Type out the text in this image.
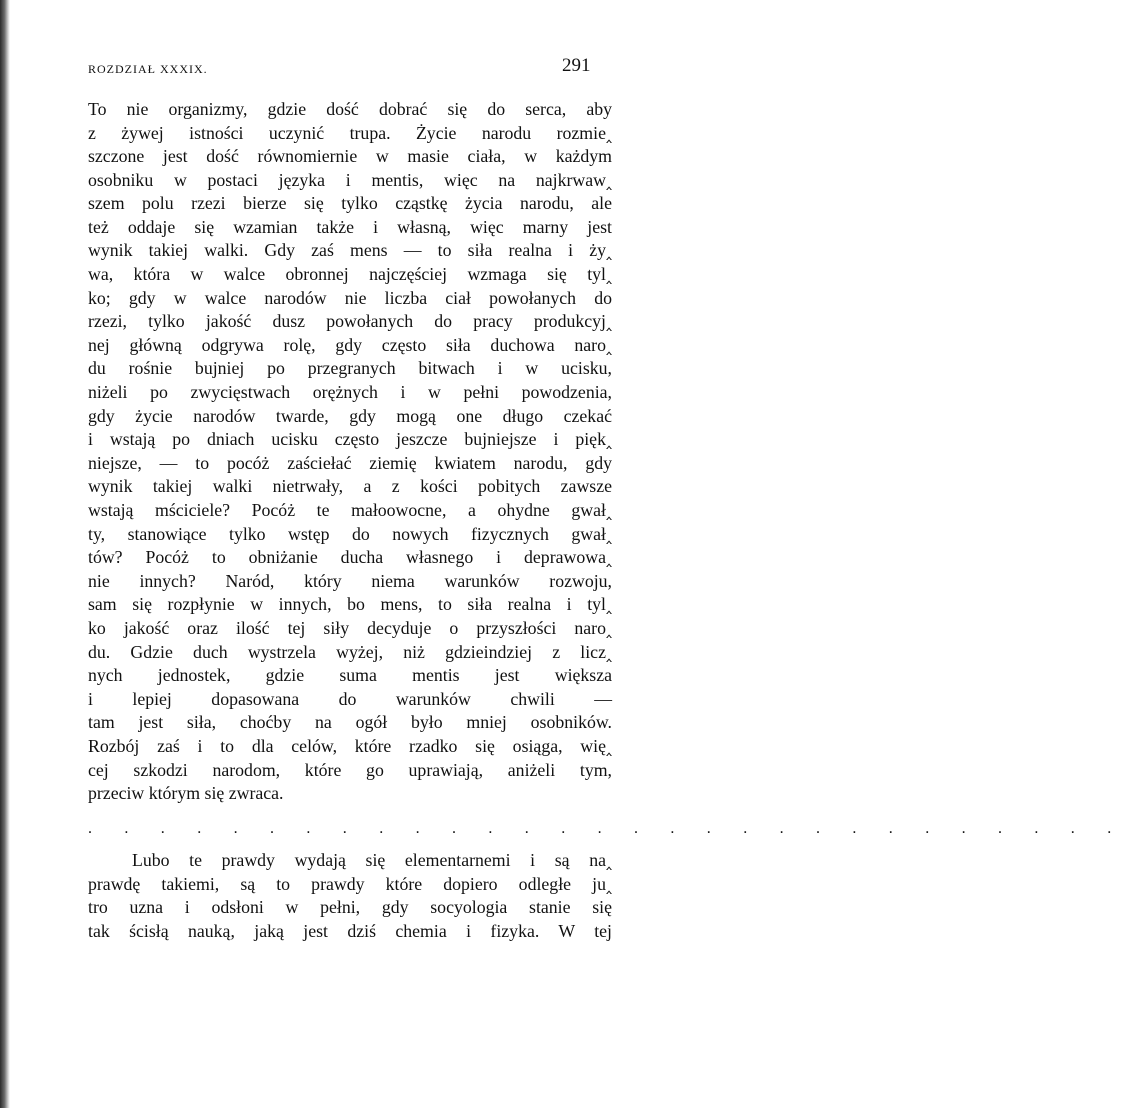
ROZDZIAŁ XXXIX.	291
To nie organizmy, gdzie dość dobrać się do serca, aby
z żywej istności uczynić trupa. Życie narodu rozmie‸
szczone jest dość równomiernie w masie ciała, w każdym
osobniku w postaci języka i mentis, więc na najkrwaw‸
szem polu rzezi bierze się tylko cząstkę życia narodu, ale
też oddaje się wzamian także i własną, więc marny jest
wynik takiej walki. Gdy zaś mens — to siła realna i ży‸
wa, która w walce obronnej najczęściej wzmaga się tyl‸
ko; gdy w walce narodów nie liczba ciał powołanych do
rzezi, tylko jakość dusz powołanych do pracy produkcyj‸
nej główną odgrywa rolę, gdy często siła duchowa naro‸
du rośnie bujniej po przegranych bitwach i w ucisku,
niżeli po zwycięstwach orężnych i w pełni powodzenia,
gdy życie narodów twarde, gdy mogą one długo czekać
i wstają po dniach ucisku często jeszcze bujniejsze i pięk‸
niejsze, — to pocóż zaściełać ziemię kwiatem narodu, gdy
wynik takiej walki nietrwały, a z kości pobitych zawsze
wstają mściciele? Pocóż te małoowocne, a ohydne gwał‸
ty, stanowiące tylko wstęp do nowych fizycznych gwał‸
tów? Pocóż to obniżanie ducha własnego i deprawowa‸
nie innych? Naród, który niema warunków rozwoju,
sam się rozpłynie w innych, bo mens, to siła realna i tyl‸
ko jakość oraz ilość tej siły decyduje o przyszłości naro‸
du. Gdzie duch wystrzela wyżej, niż gdzieindziej z licz‸
nych jednostek, gdzie suma mentis jest większa
i lepiej dopasowana do warunków chwili —
tam jest siła, choćby na ogół było mniej osobników.
Rozbój zaś i to dla celów, które rzadko się osiąga, wię‸
cej szkodzi narodom, które go uprawiają, aniżeli tym,
przeciw którym się zwraca.
. . . . . . . . . . . . . . . . . . . . . . . . . . . . .
Lubo te prawdy wydają się elementarnemi i są na‸
prawdę takiemi, są to prawdy które dopiero odległe ju‸
tro uzna i odsłoni w pełni, gdy socyologia stanie się
tak ścisłą nauką, jaką jest dziś chemia i fizyka. W tej
